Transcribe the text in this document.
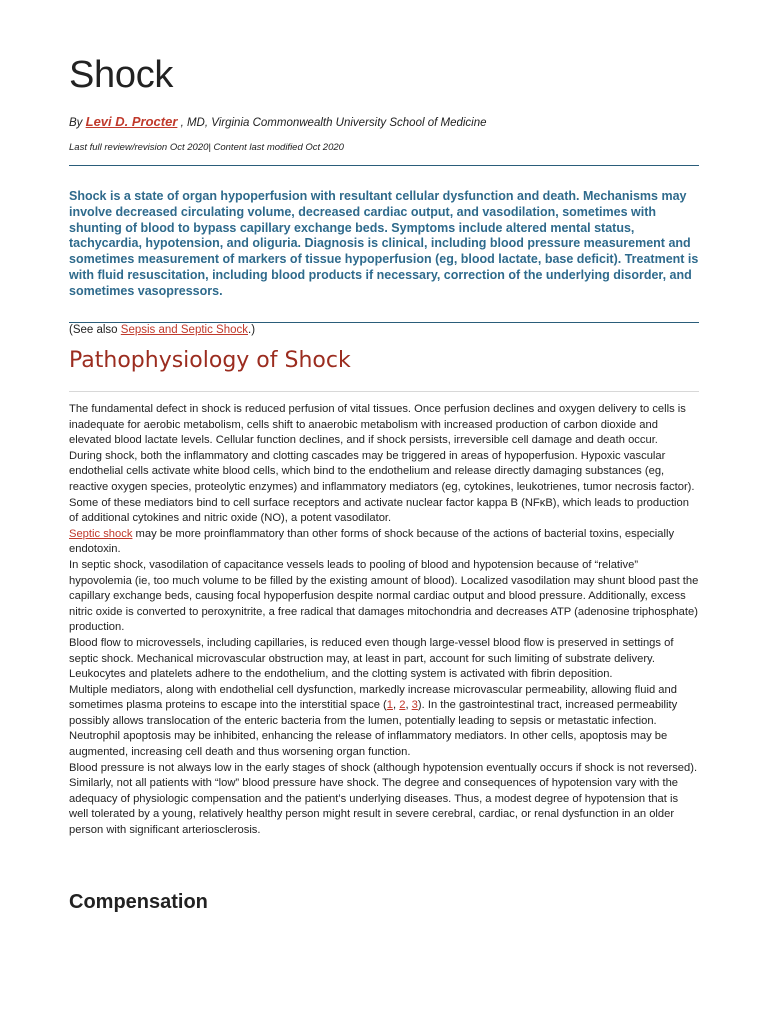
Shock
By Levi D. Procter , MD, Virginia Commonwealth University School of Medicine
Last full review/revision Oct 2020| Content last modified Oct 2020

Shock is a state of organ hypoperfusion with resultant cellular dysfunction and death. Mechanisms may involve decreased circulating volume, decreased cardiac output, and vasodilation, sometimes with shunting of blood to bypass capillary exchange beds. Symptoms include altered mental status, tachycardia, hypotension, and oliguria. Diagnosis is clinical, including blood pressure measurement and sometimes measurement of markers of tissue hypoperfusion (eg, blood lactate, base deficit). Treatment is with fluid resuscitation, including blood products if necessary, correction of the underlying disorder, and sometimes vasopressors.

(See also Sepsis and Septic Shock.)
Pathophysiology of Shock

The fundamental defect in shock is reduced perfusion of vital tissues. Once perfusion declines and oxygen delivery to cells is inadequate for aerobic metabolism, cells shift to anaerobic metabolism with increased production of carbon dioxide and elevated blood lactate levels. Cellular function declines, and if shock persists, irreversible cell damage and death occur.

During shock, both the inflammatory and clotting cascades may be triggered in areas of hypoperfusion. Hypoxic vascular endothelial cells activate white blood cells, which bind to the endothelium and release directly damaging substances (eg, reactive oxygen species, proteolytic enzymes) and inflammatory mediators (eg, cytokines, leukotrienes, tumor necrosis factor). Some of these mediators bind to cell surface receptors and activate nuclear factor kappa B (NFκB), which leads to production of additional cytokines and nitric oxide (NO), a potent vasodilator.
Septic shock may be more proinflammatory than other forms of shock because of the actions of bacterial toxins, especially endotoxin.

In septic shock, vasodilation of capacitance vessels leads to pooling of blood and hypotension because of “relative” hypovolemia (ie, too much volume to be filled by the existing amount of blood). Localized vasodilation may shunt blood past the capillary exchange beds, causing focal hypoperfusion despite normal cardiac output and blood pressure. Additionally, excess nitric oxide is converted to peroxynitrite, a free radical that damages mitochondria and decreases ATP (adenosine triphosphate) production.

Blood flow to microvessels, including capillaries, is reduced even though large-vessel blood flow is preserved in settings of septic shock. Mechanical microvascular obstruction may, at least in part, account for such limiting of substrate delivery. Leukocytes and platelets adhere to the endothelium, and the clotting system is activated with fibrin deposition.

Multiple mediators, along with endothelial cell dysfunction, markedly increase microvascular permeability, allowing fluid and sometimes plasma proteins to escape into the interstitial space (1, 2, 3). In the gastrointestinal tract, increased permeability possibly allows translocation of the enteric bacteria from the lumen, potentially leading to sepsis or metastatic infection.

Neutrophil apoptosis may be inhibited, enhancing the release of inflammatory mediators. In other cells, apoptosis may be augmented, increasing cell death and thus worsening organ function.

Blood pressure is not always low in the early stages of shock (although hypotension eventually occurs if shock is not reversed). Similarly, not all patients with “low” blood pressure have shock. The degree and consequences of hypotension vary with the adequacy of physiologic compensation and the patient’s underlying diseases. Thus, a modest degree of hypotension that is well tolerated by a young, relatively healthy person might result in severe cerebral, cardiac, or renal dysfunction in an older person with significant arteriosclerosis.

Compensation
